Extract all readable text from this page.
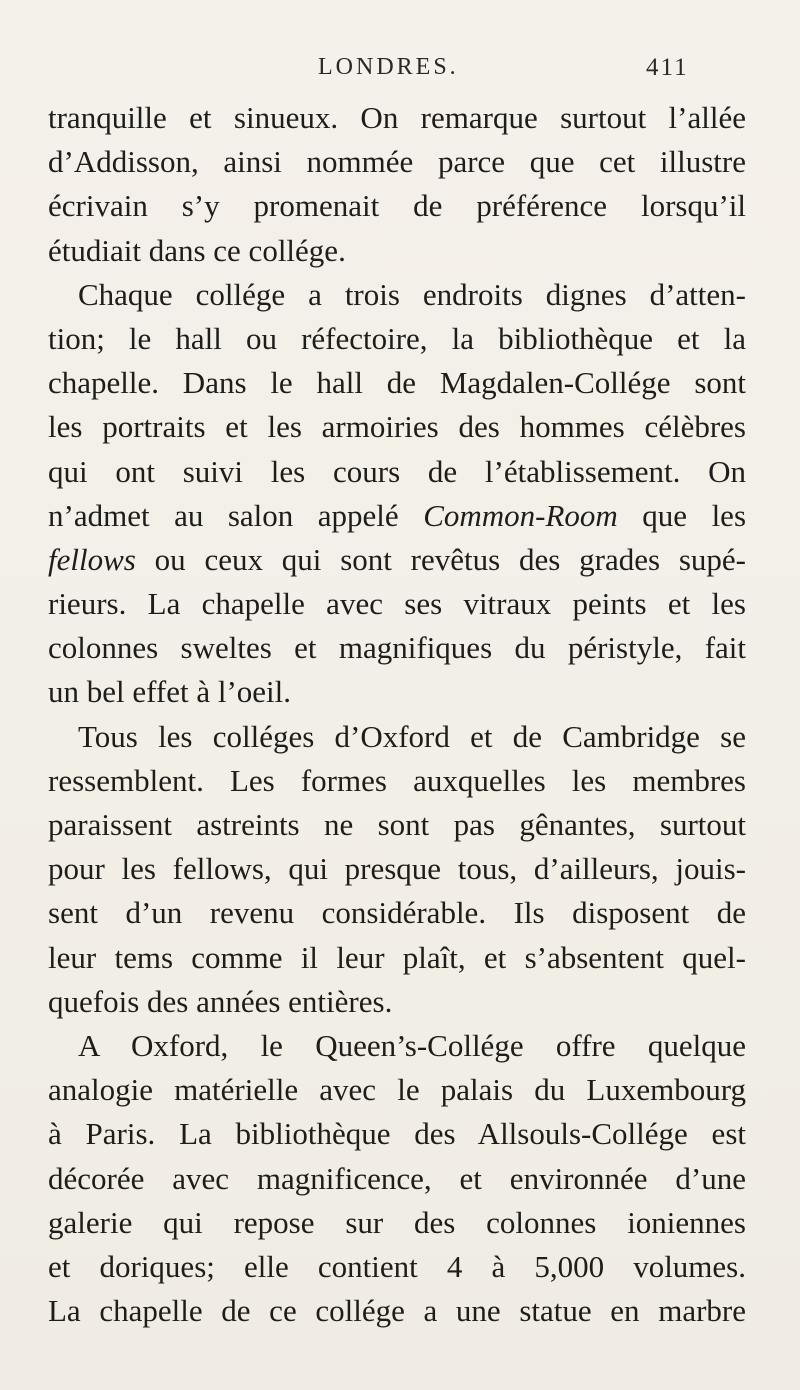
LONDRES.	411
tranquille et sinueux. On remarque surtout l’allée
d’Addisson, ainsi nommée parce que cet illustre
écrivain s’y promenait de préférence lorsqu’il
étudiait dans ce collége.
Chaque collége a trois endroits dignes d’atten-
tion; le hall ou réfectoire, la bibliothèque et la
chapelle. Dans le hall de Magdalen-Collége sont
les portraits et les armoiries des hommes célèbres
qui ont suivi les cours de l’établissement. On
n’admet au salon appelé Common-Room que les
fellows ou ceux qui sont revêtus des grades supé-
rieurs. La chapelle avec ses vitraux peints et les
colonnes sweltes et magnifiques du péristyle, fait
un bel effet à l’oeil.
Tous les colléges d’Oxford et de Cambridge se
ressemblent. Les formes auxquelles les membres
paraissent astreints ne sont pas gênantes, surtout
pour les fellows, qui presque tous, d’ailleurs, jouis-
sent d’un revenu considérable. Ils disposent de
leur tems comme il leur plaît, et s’absentent quel-
quefois des années entières.
A Oxford, le Queen’s-Collége offre quelque
analogie matérielle avec le palais du Luxembourg
à Paris. La bibliothèque des Allsouls-Collége est
décorée avec magnificence, et environnée d’une
galerie qui repose sur des colonnes ioniennes
et doriques; elle contient 4 à 5,000 volumes.
La chapelle de ce collége a une statue en marbre
